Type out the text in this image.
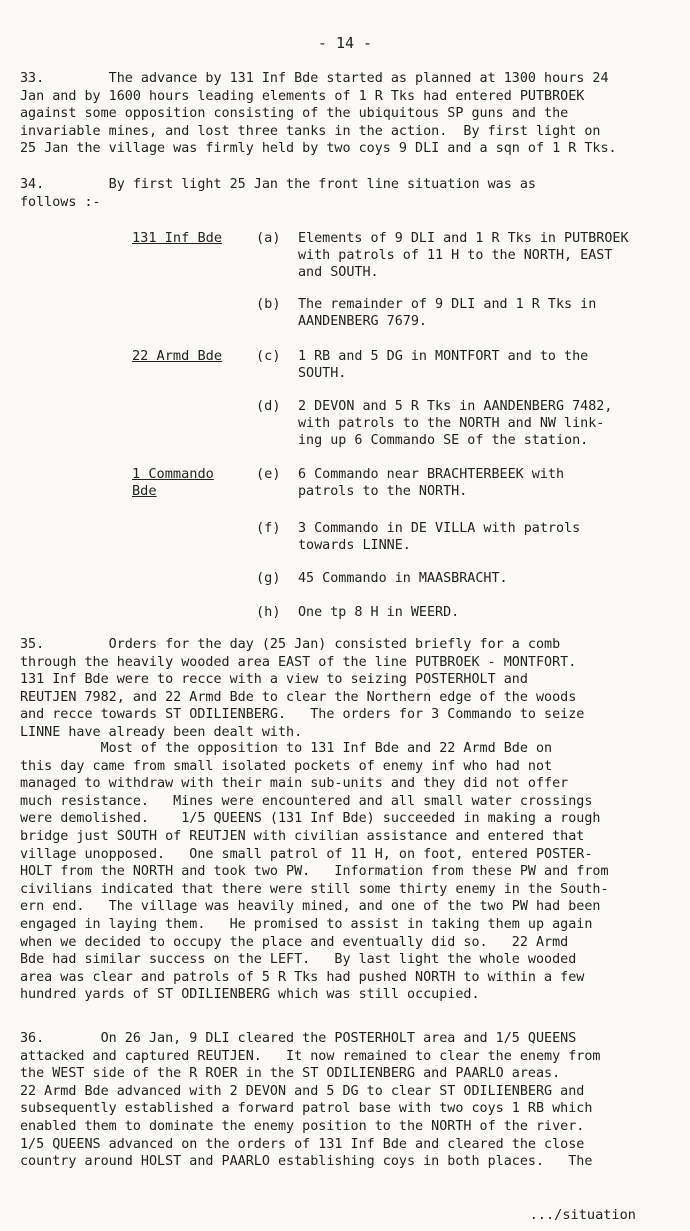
- 14 -
33.        The advance by 131 Inf Bde started as planned at 1300 hours 24
Jan and by 1600 hours leading elements of 1 R Tks had entered PUTBROEK
against some opposition consisting of the ubiquitous SP guns and the
invariable mines, and lost three tanks in the action.  By first light on
25 Jan the village was firmly held by two coys 9 DLI and a sqn of 1 R Tks.
34.        By first light 25 Jan the front line situation was as
follows :-
131 Inf Bde (a) Elements of 9 DLI and 1 R Tks in PUTBROEK
with patrols of 11 H to the NORTH, EAST
and SOUTH.
(b) The remainder of 9 DLI and 1 R Tks in
AANDENBERG 7679.
22 Armd Bde (c) 1 RB and 5 DG in MONTFORT and to the
SOUTH.
(d) 2 DEVON and 5 R Tks in AANDENBERG 7482,
with patrols to the NORTH and NW link-
ing up 6 Commando SE of the station.
1 Commando
Bde
(e) 6 Commando near BRACHTERBEEK with
patrols to the NORTH.
(f) 3 Commando in DE VILLA with patrols
towards LINNE.
(g) 45 Commando in MAASBRACHT.
(h) One tp 8 H in WEERD.
35.        Orders for the day (25 Jan) consisted briefly for a comb
through the heavily wooded area EAST of the line PUTBROEK - MONTFORT.
131 Inf Bde were to recce with a view to seizing POSTERHOLT and
REUTJEN 7982, and 22 Armd Bde to clear the Northern edge of the woods
and recce towards ST ODILIENBERG.   The orders for 3 Commando to seize
LINNE have already been dealt with.
Most of the opposition to 131 Inf Bde and 22 Armd Bde on
this day came from small isolated pockets of enemy inf who had not
managed to withdraw with their main sub-units and they did not offer
much resistance.   Mines were encountered and all small water crossings
were demolished.    1/5 QUEENS (131 Inf Bde) succeeded in making a rough
bridge just SOUTH of REUTJEN with civilian assistance and entered that
village unopposed.   One small patrol of 11 H, on foot, entered POSTER-
HOLT from the NORTH and took two PW.   Information from these PW and from
civilians indicated that there were still some thirty enemy in the South-
ern end.   The village was heavily mined, and one of the two PW had been
engaged in laying them.   He promised to assist in taking them up again
when we decided to occupy the place and eventually did so.   22 Armd
Bde had similar success on the LEFT.   By last light the whole wooded
area was clear and patrols of 5 R Tks had pushed NORTH to within a few
hundred yards of ST ODILIENBERG which was still occupied.
36.       On 26 Jan, 9 DLI cleared the POSTERHOLT area and 1/5 QUEENS
attacked and captured REUTJEN.   It now remained to clear the enemy from
the WEST side of the R ROER in the ST ODILIENBERG and PAARLO areas.
22 Armd Bde advanced with 2 DEVON and 5 DG to clear ST ODILIENBERG and
subsequently established a forward patrol base with two coys 1 RB which
enabled them to dominate the enemy position to the NORTH of the river.
1/5 QUEENS advanced on the orders of 131 Inf Bde and cleared the close
country around HOLST and PAARLO establishing coys in both places.   The
.../situation
